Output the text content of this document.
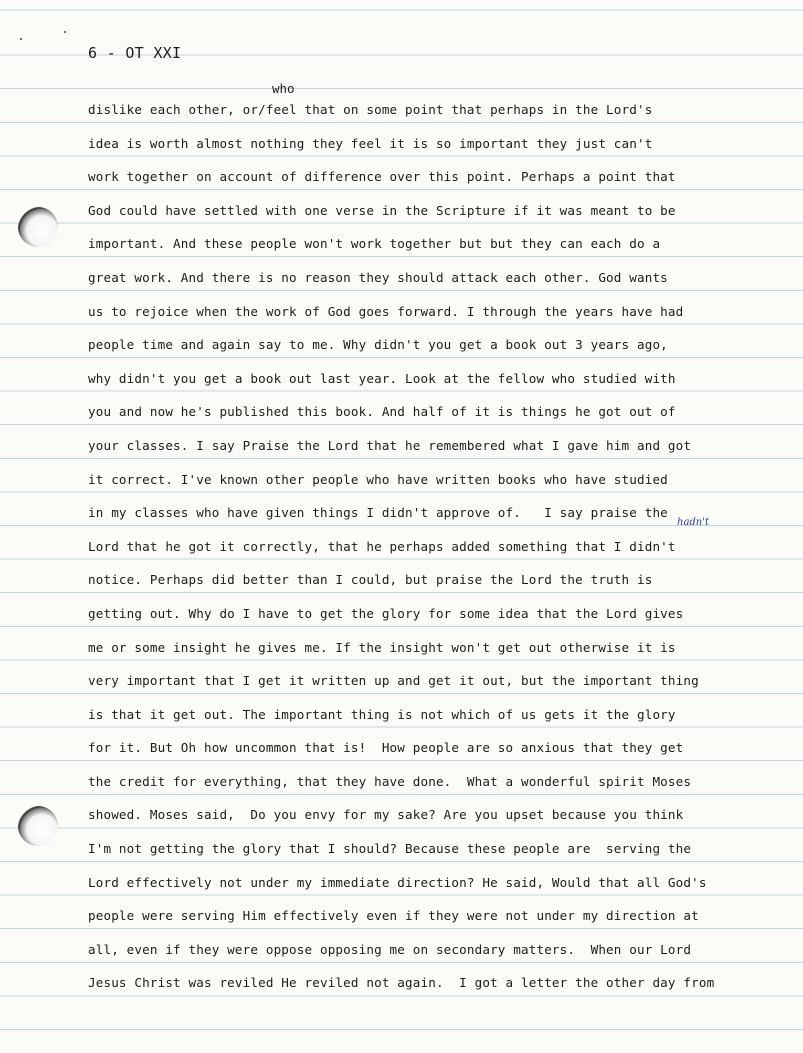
6 - OT XXI
who
hadn't
dislike each other, or/feel that on some point that perhaps in the Lord's
idea is worth almost nothing they feel it is so important they just can't
work together on account of difference over this point. Perhaps a point that
God could have settled with one verse in the Scripture if it was meant to be
important. And these people won't work together but but they can each do a
great work. And there is no reason they should attack each other. God wants
us to rejoice when the work of God goes forward. I through the years have had
people time and again say to me. Why didn't you get a book out 3 years ago,
why didn't you get a book out last year. Look at the fellow who studied with
you and now he's published this book. And half of it is things he got out of
your classes. I say Praise the Lord that he remembered what I gave him and got
it correct. I've known other people who have written books who have studied
in my classes who have given things I didn't approve of.   I say praise the
Lord that he got it correctly, that he perhaps added something that I didn't
notice. Perhaps did better than I could, but praise the Lord the truth is
getting out. Why do I have to get the glory for some idea that the Lord gives
me or some insight he gives me. If the insight won't get out otherwise it is
very important that I get it written up and get it out, but the important thing
is that it get out. The important thing is not which of us gets it the glory
for it. But Oh how uncommon that is!  How people are so anxious that they get
the credit for everything, that they have done.  What a wonderful spirit Moses
showed. Moses said,  Do you envy for my sake? Are you upset because you think
I'm not getting the glory that I should? Because these people are  serving the
Lord effectively not under my immediate direction? He said, Would that all God's
people were serving Him effectively even if they were not under my direction at
all, even if they were oppose opposing me on secondary matters.  When our Lord
Jesus Christ was reviled He reviled not again.  I got a letter the other day from
